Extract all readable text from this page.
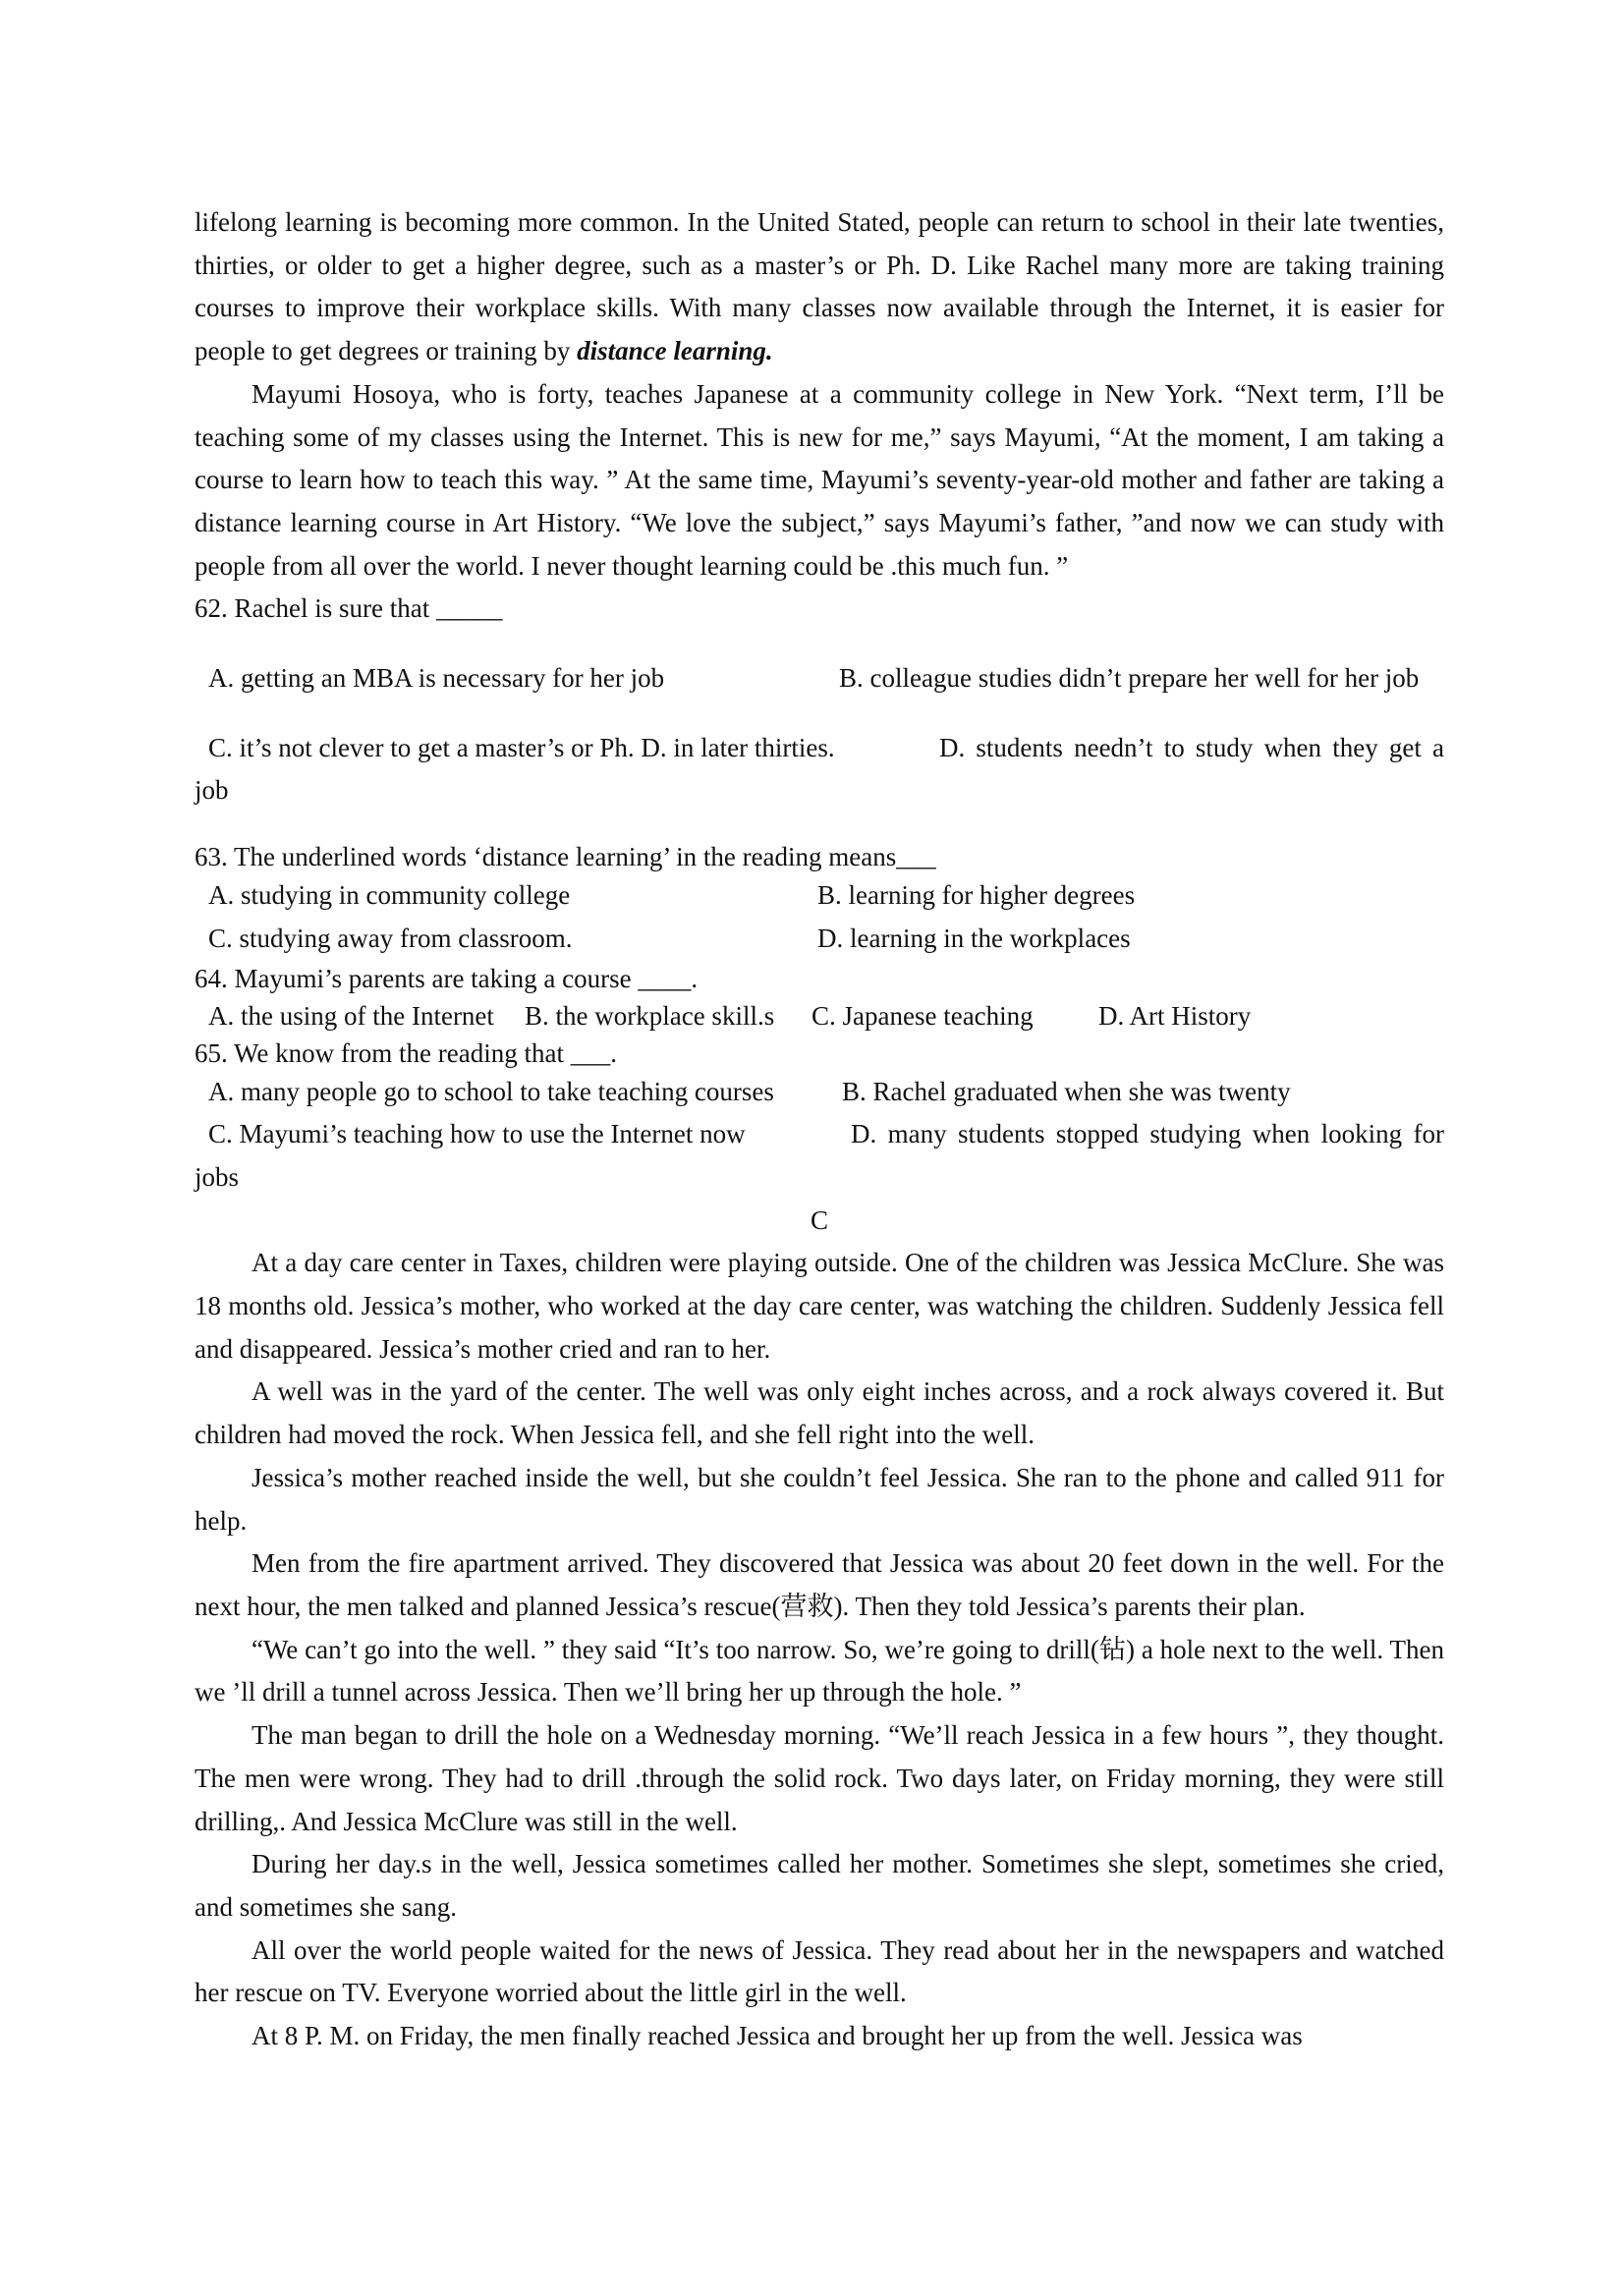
lifelong learning is becoming more common. In the United Stated, people can return to school in their late twenties, thirties, or older to get a higher degree, such as a master’s or Ph. D. Like Rachel many more are taking training courses to improve their workplace skills. With many classes now available through the Internet, it is easier for people to get degrees or training by distance learning.

Mayumi Hosoya, who is forty, teaches Japanese at a community college in New York. “Next term, I’ll be teaching some of my classes using the Internet. This is new for me,” says Mayumi, “At the moment, I am taking a course to learn how to teach this way. ” At the same time, Mayumi’s seventy-year-old mother and father are taking a distance learning course in Art History. “We love the subject,” says Mayumi’s father, ”and now we can study with people from all over the world. I never thought learning could be .this much fun. ”

62. Rachel is sure that _____

A. getting an MBA is necessary for her job	B. colleague studies didn’t prepare her well for her job

C. it’s not clever to get a master’s or Ph. D. in later thirties.	D. students needn’t to study when they get a job

63. The underlined words ‘distance learning’ in the reading means___

A. studying in community college	B. learning for higher degrees
C. studying away from classroom.	D. learning in the workplaces

64. Mayumi’s parents are taking a course ____.

A. the using of the Internet	B. the workplace skill.s	C. Japanese teaching	D. Art History

65. We know from the reading that ___.

A. many people go to school to take teaching courses	B. Rachel graduated when she was twenty

C. Mayumi’s teaching how to use the Internet now	D. many students stopped studying when looking for jobs

C

At a day care center in Taxes, children were playing outside. One of the children was Jessica McClure. She was 18 months old. Jessica’s mother, who worked at the day care center, was watching the children. Suddenly Jessica fell and disappeared. Jessica’s mother cried and ran to her.

A well was in the yard of the center. The well was only eight inches across, and a rock always covered it. But children had moved the rock. When Jessica fell, and she fell right into the well.

Jessica’s mother reached inside the well, but she couldn’t feel Jessica. She ran to the phone and called 911 for help.

Men from the fire apartment arrived. They discovered that Jessica was about 20 feet down in the well. For the next hour, the men talked and planned Jessica’s rescue(营救). Then they told Jessica’s parents their plan.

“We can’t go into the well. ” they said “It’s too narrow. So, we’re going to drill(钻) a hole next to the well. Then we ’ll drill a tunnel across Jessica. Then we’ll bring her up through the hole. ”

The man began to drill the hole on a Wednesday morning. “We’ll reach Jessica in a few hours ”, they thought. The men were wrong. They had to drill .through the solid rock. Two days later, on Friday morning, they were still drilling,. And Jessica McClure was still in the well.

During her day.s in the well, Jessica sometimes called her mother. Sometimes she slept, sometimes she cried, and sometimes she sang.

All over the world people waited for the news of Jessica. They read about her in the newspapers and watched her rescue on TV. Everyone worried about the little girl in the well.

At 8 P. M. on Friday, the men finally reached Jessica and brought her up from the well. Jessica was
